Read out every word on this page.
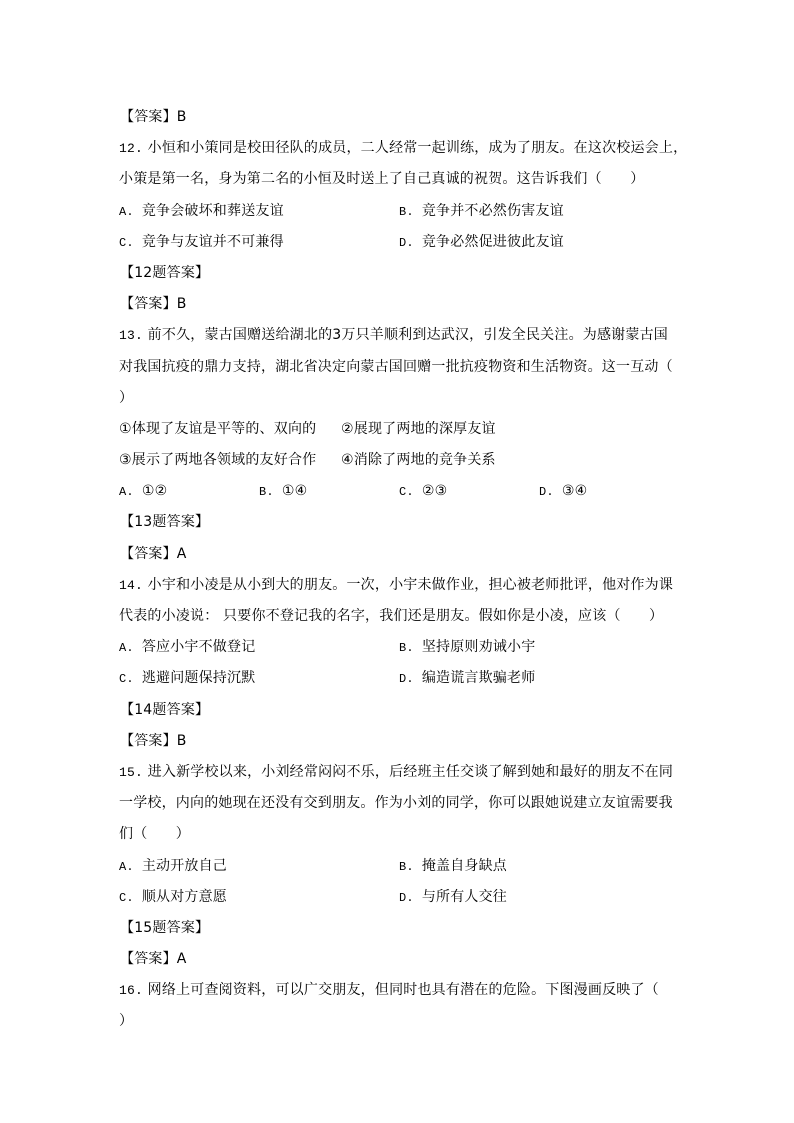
【答案】B
12. 小恒和小策同是校田径队的成员，二人经常一起训练，成为了朋友。在这次校运会上，
小策是第一名，身为第二名的小恒及时送上了自己真诚的祝贺。这告诉我们（　　）
A. 竞争会破坏和葬送友谊	B. 竞争并不必然伤害友谊
C. 竞争与友谊并不可兼得	D. 竞争必然促进彼此友谊
【12题答案】
【答案】B
13. 前不久，蒙古国赠送给湖北的3万只羊顺利到达武汉，引发全民关注。为感谢蒙古国
对我国抗疫的鼎力支持，湖北省决定向蒙古国回赠一批抗疫物资和生活物资。这一互动（
）
①体现了友谊是平等的、双向的	②展现了两地的深厚友谊
③展示了两地各领域的友好合作	④消除了两地的竞争关系
A. ①②	B. ①④	C. ②③	D. ③④
【13题答案】
【答案】A
14. 小宇和小凌是从小到大的朋友。一次，小宇未做作业，担心被老师批评，他对作为课
代表的小凌说： 只要你不登记我的名字，我们还是朋友。假如你是小凌，应该（　　）
A. 答应小宇不做登记	B. 坚持原则劝诫小宇
C. 逃避问题保持沉默	D. 编造谎言欺骗老师
【14题答案】
【答案】B
15. 进入新学校以来，小刘经常闷闷不乐，后经班主任交谈了解到她和最好的朋友不在同
一学校，内向的她现在还没有交到朋友。作为小刘的同学，你可以跟她说建立友谊需要我
们（　　）
A. 主动开放自己	B. 掩盖自身缺点
C. 顺从对方意愿	D. 与所有人交往
【15题答案】
【答案】A
16. 网络上可查阅资料，可以广交朋友，但同时也具有潜在的危险。下图漫画反映了（
）
